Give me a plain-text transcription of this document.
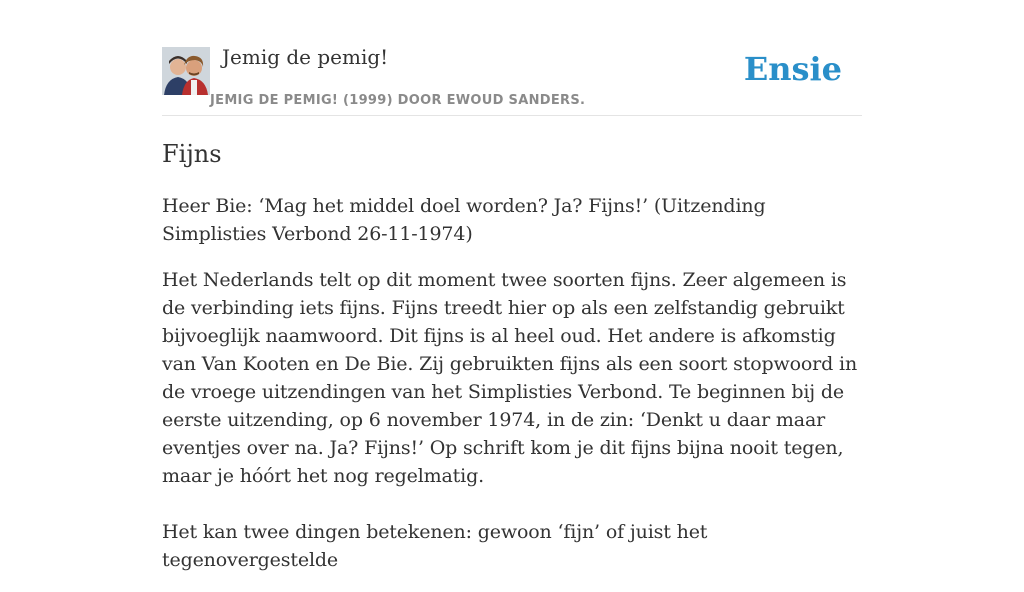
Jemig de pemig!
JEMIG DE PEMIG! (1999) DOOR EWOUD SANDERS.
Ensie
Fijns

Heer Bie: ‘Mag het middel doel worden? Ja? Fijns!’ (Uitzending Simplisties Verbond 26-11-1974)

Het Nederlands telt op dit moment twee soorten fijns. Zeer algemeen is de verbinding iets fijns. Fijns treedt hier op als een zelfstandig gebruikt bijvoeglijk naamwoord. Dit fijns is al heel oud. Het andere is afkomstig van Van Kooten en De Bie. Zij gebruikten fijns als een soort stopwoord in de vroege uitzendingen van het Simplisties Verbond. Te beginnen bij de eerste uitzending, op 6 november 1974, in de zin: ‘Denkt u daar maar eventjes over na. Ja? Fijns!’ Op schrift kom je dit fijns bijna nooit tegen, maar je hóórt het nog regelmatig.

Het kan twee dingen betekenen: gewoon ‘fijn’ of juist het tegenovergestelde
